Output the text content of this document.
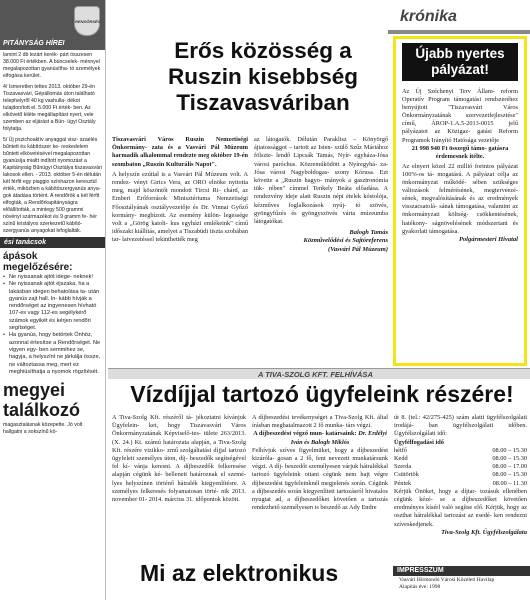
RENDÕRSÉG
PITÁNYSÁG HÍREI

lamint 2 db lezárt kerék- párt összesen 38.000 Ft értékben. A büncselek- ménnyel megalapozottan gyanúsítha- tó személyek elfogása kerület.

4/ Ismeretlen tettes 2013. október 29-én Tiszavasvári, Gépállomás úton található telephelyről 40 kg vashulla- dékot tulajdonított el. 5.000 Ft érték- ben. Az elkövető kiléte megállapítást nyert, vele szemben az eljárást a Bün- ügyi Osztály folytatja.

5/ Új pszichoaktív anyaggal visz- szaélés bűntett és kábítószer ke- reskedelem bűntett elkövetésével megalapozottan gyanúsíja mialtt indított nyomozást a Kapitányság Bűnügyi Osztálya tiszavasvári lakosok ellen. - 2013. október 5-én délután két férfit egy piaggio színhazon keresztül érték, miközben a kábítószergyanús anya- gok átadása történt. A rendőrök a két férfit elfogták, a Rendőrkapitányságra előállították, a mintegy 500 grammi növényi származékot és 9 gramm fe- hér színű kristályos szerkezetű kábító- szergyanús anyagokat lefoglalták.

ési tanácsok
ápások megelőzésére:
• Ne nyissanak ajtót idege- neknek!
• Ne nyissanak ajtót éjszaka, ha a lakásban idegen behatolása ta- után gyanús zajt hall. In- kább hívják a rendőrséget az ingyenesen hívható 107-es vagy 112-es segélykérő számok egyikét és kérjen rendőri segítséget.
• Ha gyanús, hogy betörtek Önhöz, azonnal értesítse a Rendőrséget. Ne vigyen egy- ben semmihez se, hagyja, a helyszínt ne járkálja össze, ne változtassa meg, mert ez meghiúsíthatja a nyomok rögzítését.
megyei találkozó

magasztalásnak közepette. Jó volt hallgatni a sokszínű kö-

krónika
Erős közösség a Ruszin kisebbség Tiszavasváriban

Tiszavasvári Város Ruszin Nemzetiségi Önkormány- zata és a Vasvári Pál Múzeum harmadik alkalommal rendezte meg október 19-én szombaton „Ruszin Kulturális Napot".

A helyszín ezúttal is a Vasvári Pál Múzeum volt. A rendez- vényt Girics Vera, az ORO elnöke nyitotta meg, majd köszöntőt mondott Tircsi Ri- chárd, az Emberi Erőforrások Minisztériuma Nemzetiségi Főosztályának osztályvezetője és Dr. Vinnai Győző kormány- megbízott. Az esemény külön- legessége volt a „Görög katoli- kus egyházi emlékeink" című időszaki kiállítás, amelyet a Tiszabüdi tiszta szobában tar- latvezetéssel tekinthették meg

az látogatók. Délután Paraklisz – Könyörgő ájtatossággot – tartott az Isten- szülő Szűz Máriához fölszte- lendő Lipcsák Tamás, Nyír- egyháza-Jósa városi paróchus. Közremúködött a Nyíregyhá- za-Jósa városi Nagyboldogas- szony Kórusa. Ezt követte a „Ruszin hagyo- mányok a gasztronómia tük- rében" címmel Tenkely Beáta előadása. A rendezvény ideje alatt Ruszin népi ételek kóstolója, kézműves foglalkozások nyúj- tó szövés, gyöngyfűzés és gyöngyszövés várta múzeumba látogatókat.

Balogh Tamás
Közművelődési és Sajtóreferens
(Vasvári Pál Múzeum)
Újabb nyertes pályázat!

Az Új Széchenyi Terv Állam- reform Operatív Program támogatási rendszeréhez benyújtott "Tiszavasvári Város Önkormányzatának szervezetfejlesztése" című, ÁROP-1.A.5-2013-0015 jelű pályázatot az Közigaz- gatási Reform Programok Irányító Hatósága vezetője

21 998 940 Ft összegű támo- gatásra érdemesnek ítélte.

Az elnyert közel 22 millió forintos pályázat 100%-os tá- mogatású. A pályázat célja az önkormányzat működé- sében szükséges változások felmérésének, megterveezé- sének, megvalósításának és az eredmények visszacsatolá- sának támogatása, valamint az önkormányzati költség- csökkentésének, hatékony- ságnövelésének módszertani és gyakorlati támogatása.

Polgármesteri Hivatal

A TIVA-SZOLG KFT. FELHÍVÁSA
Vízdíjjal tartozó ügyfeleink részére!

A Tiva-Szolg Kft. részéről tá- jékoztatni kívánjuk Ügyfelein- ket, hogy Tiszavasvári Város Önkormányzatának Képviselő-tes- tülete 263/2013. (X. 24.) Kt. számú határozata alapján, a Tiva-Szolg Kft. részére vizikko- zmű szolgáltatási díjjal tartozó ügyfeleit személyes úton, díj- beszedők segítségével fel kí- vánja keresni. A díjbeszedők felkeresése alapján cégünk ké- belleneit határoznak el szemé- lyes helyszínen történő hátralék kiegyenlítésre. A személyes felkeresés folyamatosan törté- nik 2013. november 01- 2014. március 31. időpontok között.

A díjbeszedési tevékenységet a Tiva-Szolg Kft. által írásban meghatalmazott 2 fő munka- társ végzi.

A díjbeszedést végző mun- katársaink: Dr. Erdélyi Iván és Balogh Miklós

Felhívjuk szíves figyelmüket, hogy a díjbeszedést kizáróla- gosan a 2 fő, fent nevezett munkatársunk végzi. A díj- beszedőt személyesen várjuk hátralékkal tartozó ügyfeleink ottani cégünk nem hajt végre díjbeszedést ügyfeleinknél megjelenés során. Cégünk a díjbeszedés során kiegyenlített tartozásról hivatalos nyugtat ad, a díjbeszedőket követően a tartozás rendezhető személyesen is beszedő az Ady Endre

út 8. (tel.: 42/275-425) szám alatti ügyfélszolgálati irodájá- ban ügyfélszolgálati időben. Ügyfélszolgálati idő:

Ügyfélfogadási idő
hétfő	08.00 – 15.30
Kedd	08.00 – 15.30
Szerda	08.00 – 17.00
Csütörtök	08.00 – 15.30
Péntek	08.00 – 11.30

Kérjük Önöket, hogy a díjtar- tozásuk ellenében cégünk kézé- se a díjbeszedőket követően eredményes kísérl való segítse elő. Kérjük, hogy az oszthat hátralékkal tartozást az esedé- ken rendezni szíveskedjenek.

Tiva-Szolg Kft. Ügyfélszolgálata

Mi az elektronikus	IMPRESSZUM
Vasvári Hírmondó Városi Közéleti Havilap
Alapítás éve: 1998
